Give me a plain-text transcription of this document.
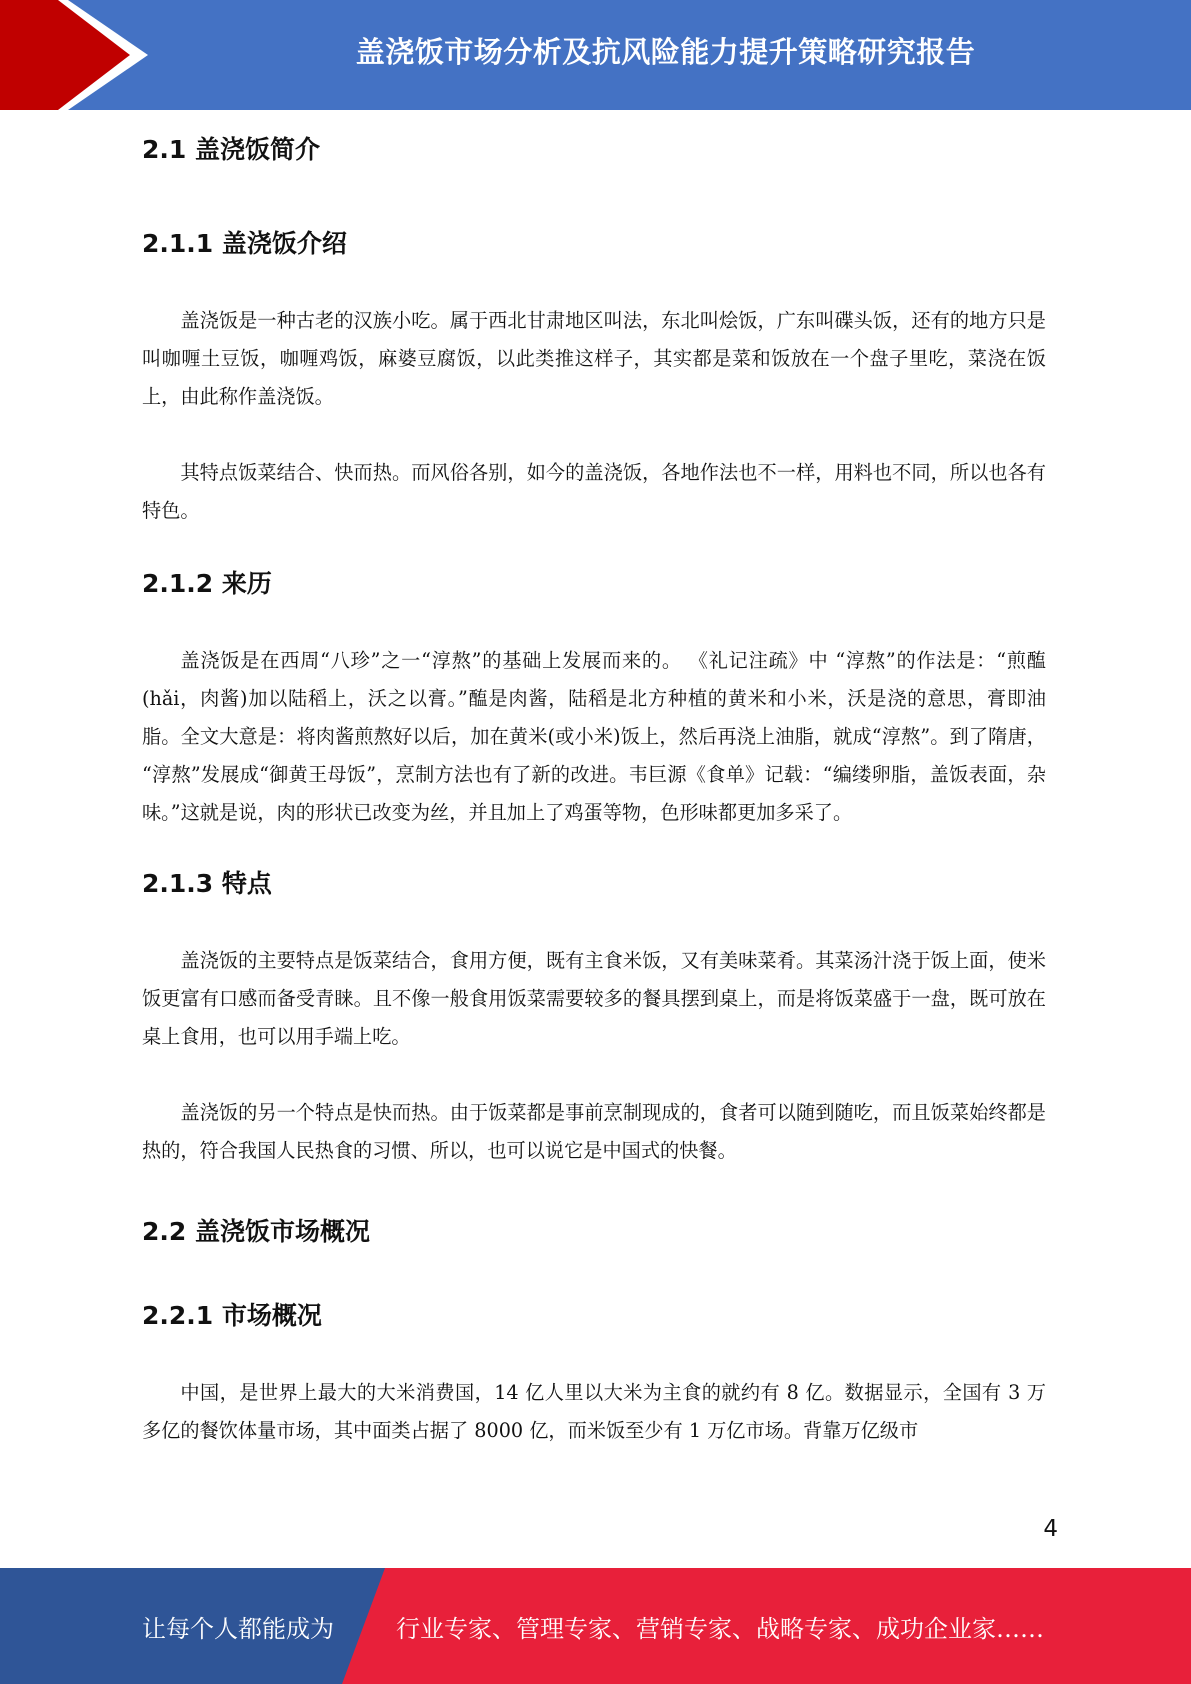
盖浇饭市场分析及抗风险能力提升策略研究报告
2.1 盖浇饭简介
2.1.1 盖浇饭介绍

盖浇饭是一种古老的汉族小吃。属于西北甘肃地区叫法，东北叫烩饭，广东叫碟头饭，还有的地方只是叫咖喱土豆饭，咖喱鸡饭，麻婆豆腐饭，以此类推这样子，其实都是菜和饭放在一个盘子里吃，菜浇在饭上，由此称作盖浇饭。

其特点饭菜结合、快而热。而风俗各别，如今的盖浇饭，各地作法也不一样，用料也不同，所以也各有特色。

2.1.2 来历

盖浇饭是在西周“八珍”之一“淳熬”的基础上发展而来的。 《礼记注疏》中 “淳熬”的作法是：“煎醢(hǎi，肉酱)加以陆稻上，沃之以膏。”醢是肉酱，陆稻是北方种植的黄米和小米，沃是浇的意思，膏即油脂。全文大意是：将肉酱煎熬好以后，加在黄米(或小米)饭上，然后再浇上油脂，就成“淳熬”。到了隋唐， “淳熬”发展成“御黄王母饭”，烹制方法也有了新的改进。韦巨源《食单》记载：“编缕卵脂，盖饭表面，杂味。”这就是说，肉的形状已改变为丝，并且加上了鸡蛋等物，色形味都更加多采了。

2.1.3 特点

盖浇饭的主要特点是饭菜结合，食用方便，既有主食米饭，又有美味菜肴。其菜汤汁浇于饭上面，使米饭更富有口感而备受青睐。且不像一般食用饭菜需要较多的餐具摆到桌上，而是将饭菜盛于一盘，既可放在桌上食用，也可以用手端上吃。

盖浇饭的另一个特点是快而热。由于饭菜都是事前烹制现成的，食者可以随到随吃，而且饭菜始终都是热的，符合我国人民热食的习惯、所以，也可以说它是中国式的快餐。

2.2 盖浇饭市场概况
2.2.1 市场概况

中国，是世界上最大的大米消费国，14 亿人里以大米为主食的就约有 8 亿。数据显示，全国有 3 万多亿的餐饮体量市场，其中面类占据了 8000 亿，而米饭至少有 1 万亿市场。背靠万亿级市

4
让每个人都能成为	行业专家、管理专家、营销专家、战略专家、成功企业家……
